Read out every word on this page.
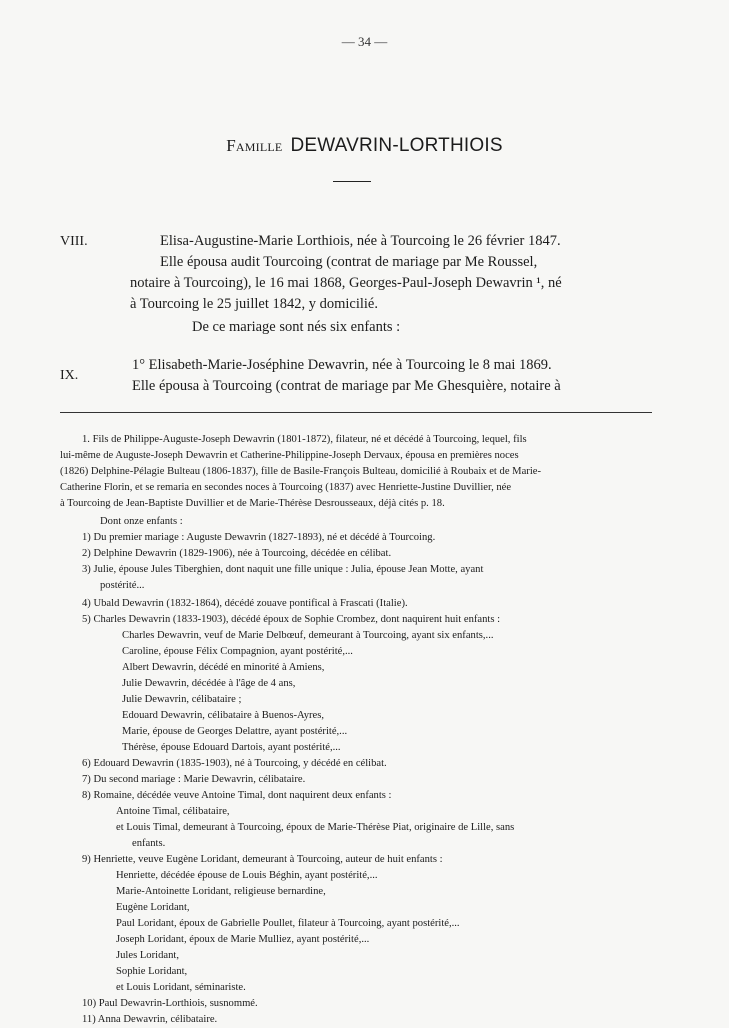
— 34 —
Famille DEWAVRIN-LORTHIOIS
VIII.	Elisa-Augustine-Marie Lorthiois, née à Tourcoing le 26 février 1847.
Elle épousa audit Tourcoing (contrat de mariage par Me Roussel,
notaire à Tourcoing), le 16 mai 1868, Georges-Paul-Joseph Dewavrin ¹, né
à Tourcoing le 25 juillet 1842, y domicilié.
De ce mariage sont nés six enfants :
IX.
1° Elisabeth-Marie-Joséphine Dewavrin, née à Tourcoing le 8 mai 1869.
Elle épousa à Tourcoing (contrat de mariage par Me Ghesquière, notaire à
1. Fils de Philippe-Auguste-Joseph Dewavrin (1801-1872), filateur, né et décédé à Tourcoing, lequel, fils
lui-même de Auguste-Joseph Dewavrin et Catherine-Philippine-Joseph Dervaux, épousa en premières noces
(1826) Delphine-Pélagie Bulteau (1806-1837), fille de Basile-François Bulteau, domicilié à Roubaix et de Marie-
Catherine Florin, et se remaria en secondes noces à Tourcoing (1837) avec Henriette-Justine Duvillier, née
à Tourcoing de Jean-Baptiste Duvillier et de Marie-Thérèse Desrousseaux, déjà cités p. 18.
Dont onze enfants :
1) Du premier mariage : Auguste Dewavrin (1827-1893), né et décédé à Tourcoing.
2) Delphine Dewavrin (1829-1906), née à Tourcoing, décédée en célibat.
3) Julie, épouse Jules Tiberghien, dont naquit une fille unique : Julia, épouse Jean Motte, ayant
postérité...
4) Ubald Dewavrin (1832-1864), décédé zouave pontifical à Frascati (Italie).
5) Charles Dewavrin (1833-1903), décédé époux de Sophie Crombez, dont naquirent huit enfants :
Charles Dewavrin, veuf de Marie Delbœuf, demeurant à Tourcoing, ayant six enfants,...
Caroline, épouse Félix Compagnion, ayant postérité,...
Albert Dewavrin, décédé en minorité à Amiens,
Julie Dewavrin, décédée à l'âge de 4 ans,
Julie Dewavrin, célibataire ;
Edouard Dewavrin, célibataire à Buenos-Ayres,
Marie, épouse de Georges Delattre, ayant postérité,...
Thérèse, épouse Edouard Dartois, ayant postérité,...
6) Edouard Dewavrin (1835-1903), né à Tourcoing, y décédé en célibat.
7) Du second mariage : Marie Dewavrin, célibataire.
8) Romaine, décédée veuve Antoine Timal, dont naquirent deux enfants :
Antoine Timal, célibataire,
et Louis Timal, demeurant à Tourcoing, époux de Marie-Thérèse Piat, originaire de Lille, sans
enfants.
9) Henriette, veuve Eugène Loridant, demeurant à Tourcoing, auteur de huit enfants :
Henriette, décédée épouse de Louis Béghin, ayant postérité,...
Marie-Antoinette Loridant, religieuse bernardine,
Eugène Loridant,
Paul Loridant, époux de Gabrielle Poullet, filateur à Tourcoing, ayant postérité,...
Joseph Loridant, époux de Marie Mulliez, ayant postérité,...
Jules Loridant,
Sophie Loridant,
et Louis Loridant, séminariste.
10) Paul Dewavrin-Lorthiois, susnommé.
11) Anna Dewavrin, célibataire.
